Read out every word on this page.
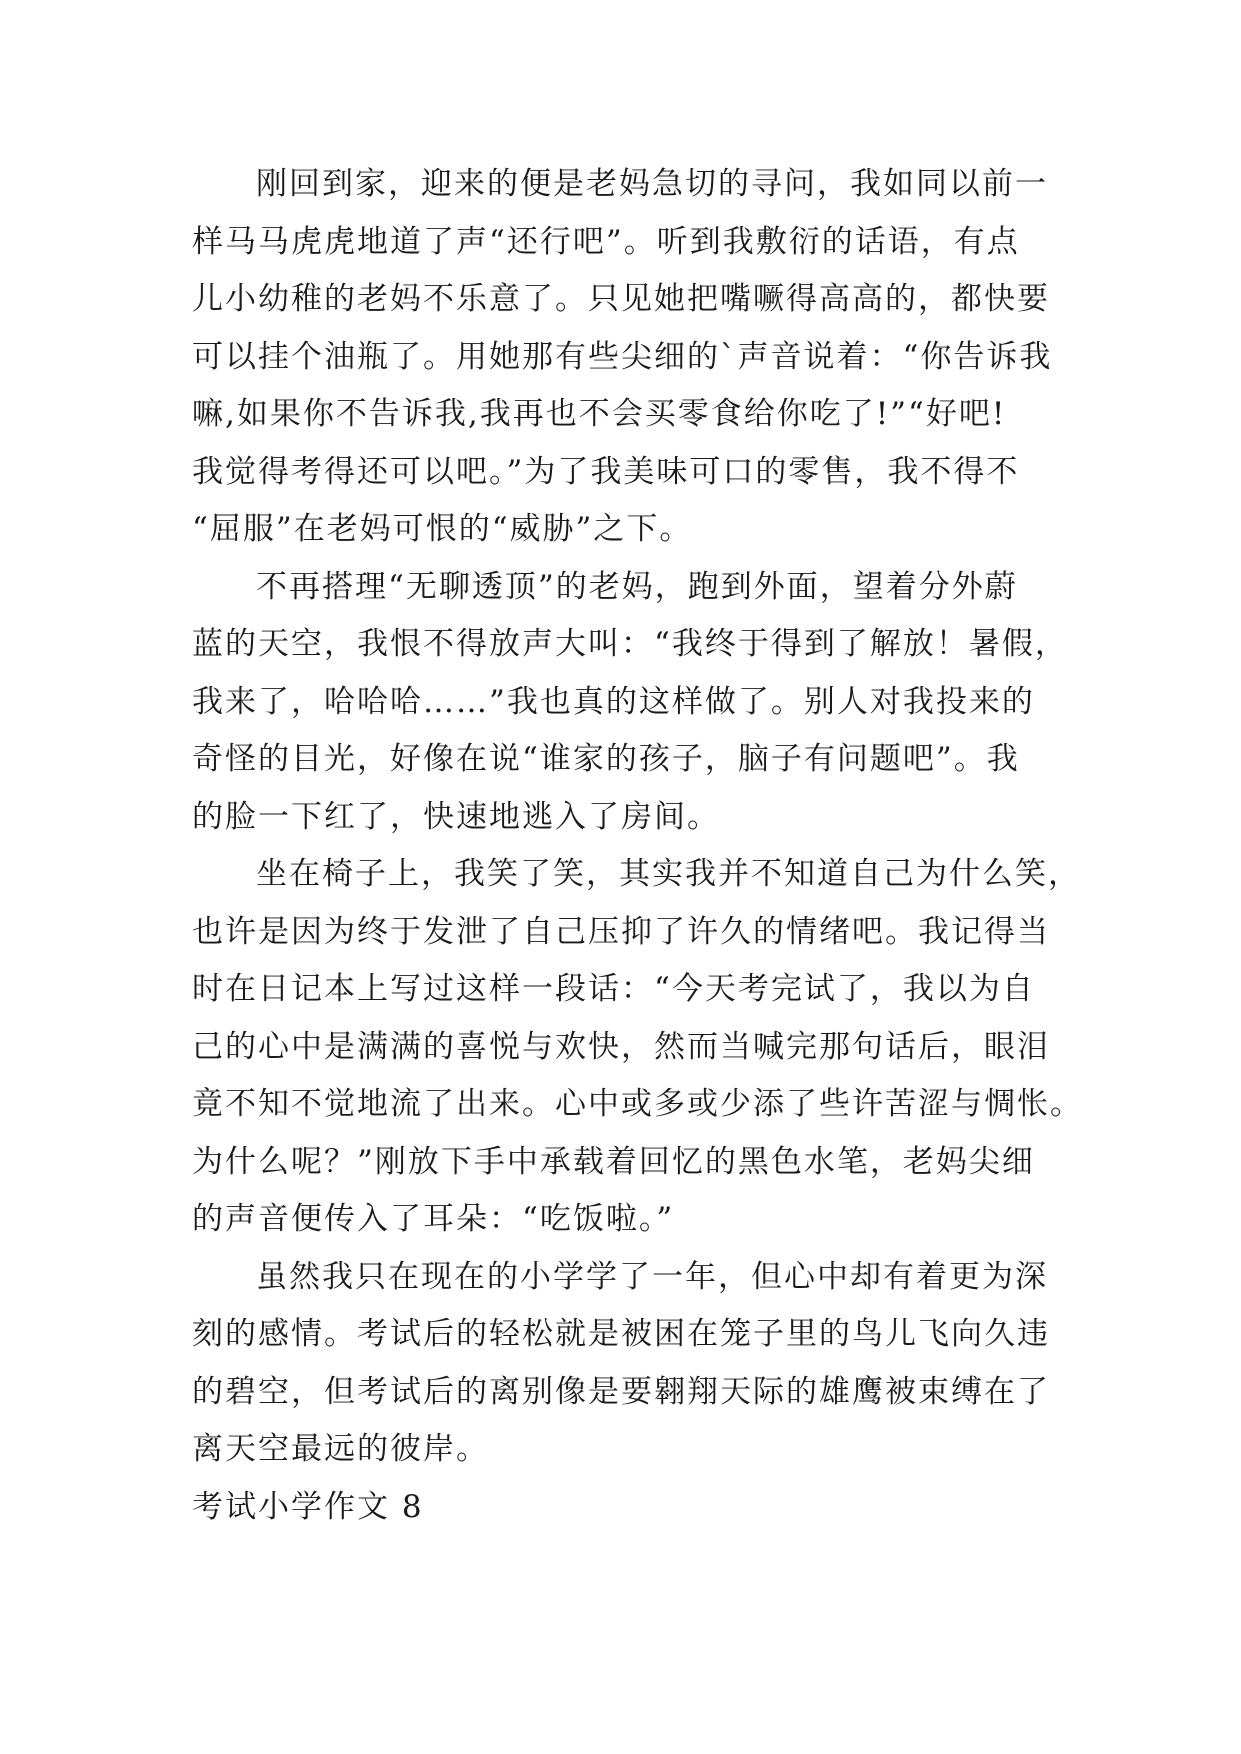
刚回到家，迎来的便是老妈急切的寻问，我如同以前一
样马马虎虎地道了声“还行吧”。听到我敷衍的话语，有点
儿小幼稚的老妈不乐意了。只见她把嘴噘得高高的，都快要
可以挂个油瓶了。用她那有些尖细的`声音说着：“你告诉我
嘛,如果你不告诉我,我再也不会买零食给你吃了!”“好吧!
我觉得考得还可以吧。”为了我美味可口的零售，我不得不
“屈服”在老妈可恨的“威胁”之下。
不再搭理“无聊透顶”的老妈，跑到外面，望着分外蔚
蓝的天空，我恨不得放声大叫：“我终于得到了解放！暑假，
我来了，哈哈哈……”我也真的这样做了。别人对我投来的
奇怪的目光，好像在说“谁家的孩子，脑子有问题吧”。我
的脸一下红了，快速地逃入了房间。
坐在椅子上，我笑了笑，其实我并不知道自己为什么笑，
也许是因为终于发泄了自己压抑了许久的情绪吧。我记得当
时在日记本上写过这样一段话：“今天考完试了，我以为自
己的心中是满满的喜悦与欢快，然而当喊完那句话后，眼泪
竟不知不觉地流了出来。心中或多或少添了些许苦涩与惆怅。
为什么呢？”刚放下手中承载着回忆的黑色水笔，老妈尖细
的声音便传入了耳朵：“吃饭啦。”
虽然我只在现在的小学学了一年，但心中却有着更为深
刻的感情。考试后的轻松就是被困在笼子里的鸟儿飞向久违
的碧空，但考试后的离别像是要翱翔天际的雄鹰被束缚在了
离天空最远的彼岸。
考试小学作文 8
